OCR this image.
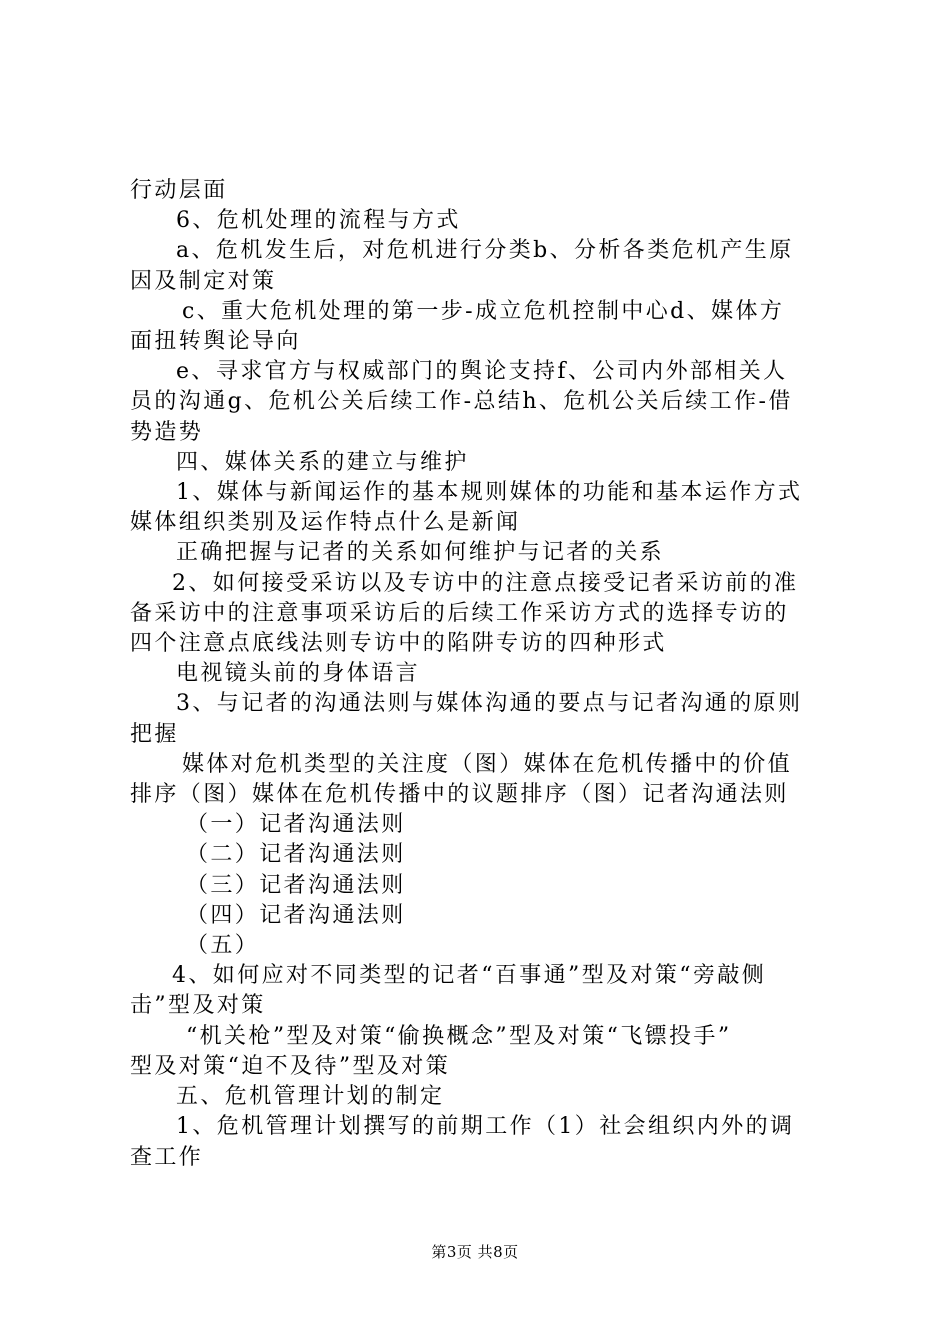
行动层面
6、危机处理的流程与方式
a、危机发生后，对危机进行分类b、分析各类危机产生原
因及制定对策
c、重大危机处理的第一步-成立危机控制中心d、媒体方
面扭转舆论导向
e、寻求官方与权威部门的舆论支持f、公司内外部相关人
员的沟通g、危机公关后续工作-总结h、危机公关后续工作-借
势造势
四、媒体关系的建立与维护
1、媒体与新闻运作的基本规则媒体的功能和基本运作方式
媒体组织类别及运作特点什么是新闻
正确把握与记者的关系如何维护与记者的关系
2、如何接受采访以及专访中的注意点接受记者采访前的准
备采访中的注意事项采访后的后续工作采访方式的选择专访的
四个注意点底线法则专访中的陷阱专访的四种形式
电视镜头前的身体语言
3、与记者的沟通法则与媒体沟通的要点与记者沟通的原则
把握
媒体对危机类型的关注度（图）媒体在危机传播中的价值
排序（图）媒体在危机传播中的议题排序（图）记者沟通法则
（一）记者沟通法则
（二）记者沟通法则
（三）记者沟通法则
（四）记者沟通法则
（五）
4、如何应对不同类型的记者“百事通”型及对策“旁敲侧
击”型及对策
“机关枪”型及对策“偷换概念”型及对策“飞镖投手”
型及对策“迫不及待”型及对策
五、危机管理计划的制定
1、危机管理计划撰写的前期工作（1）社会组织内外的调
查工作
第3页 共8页
